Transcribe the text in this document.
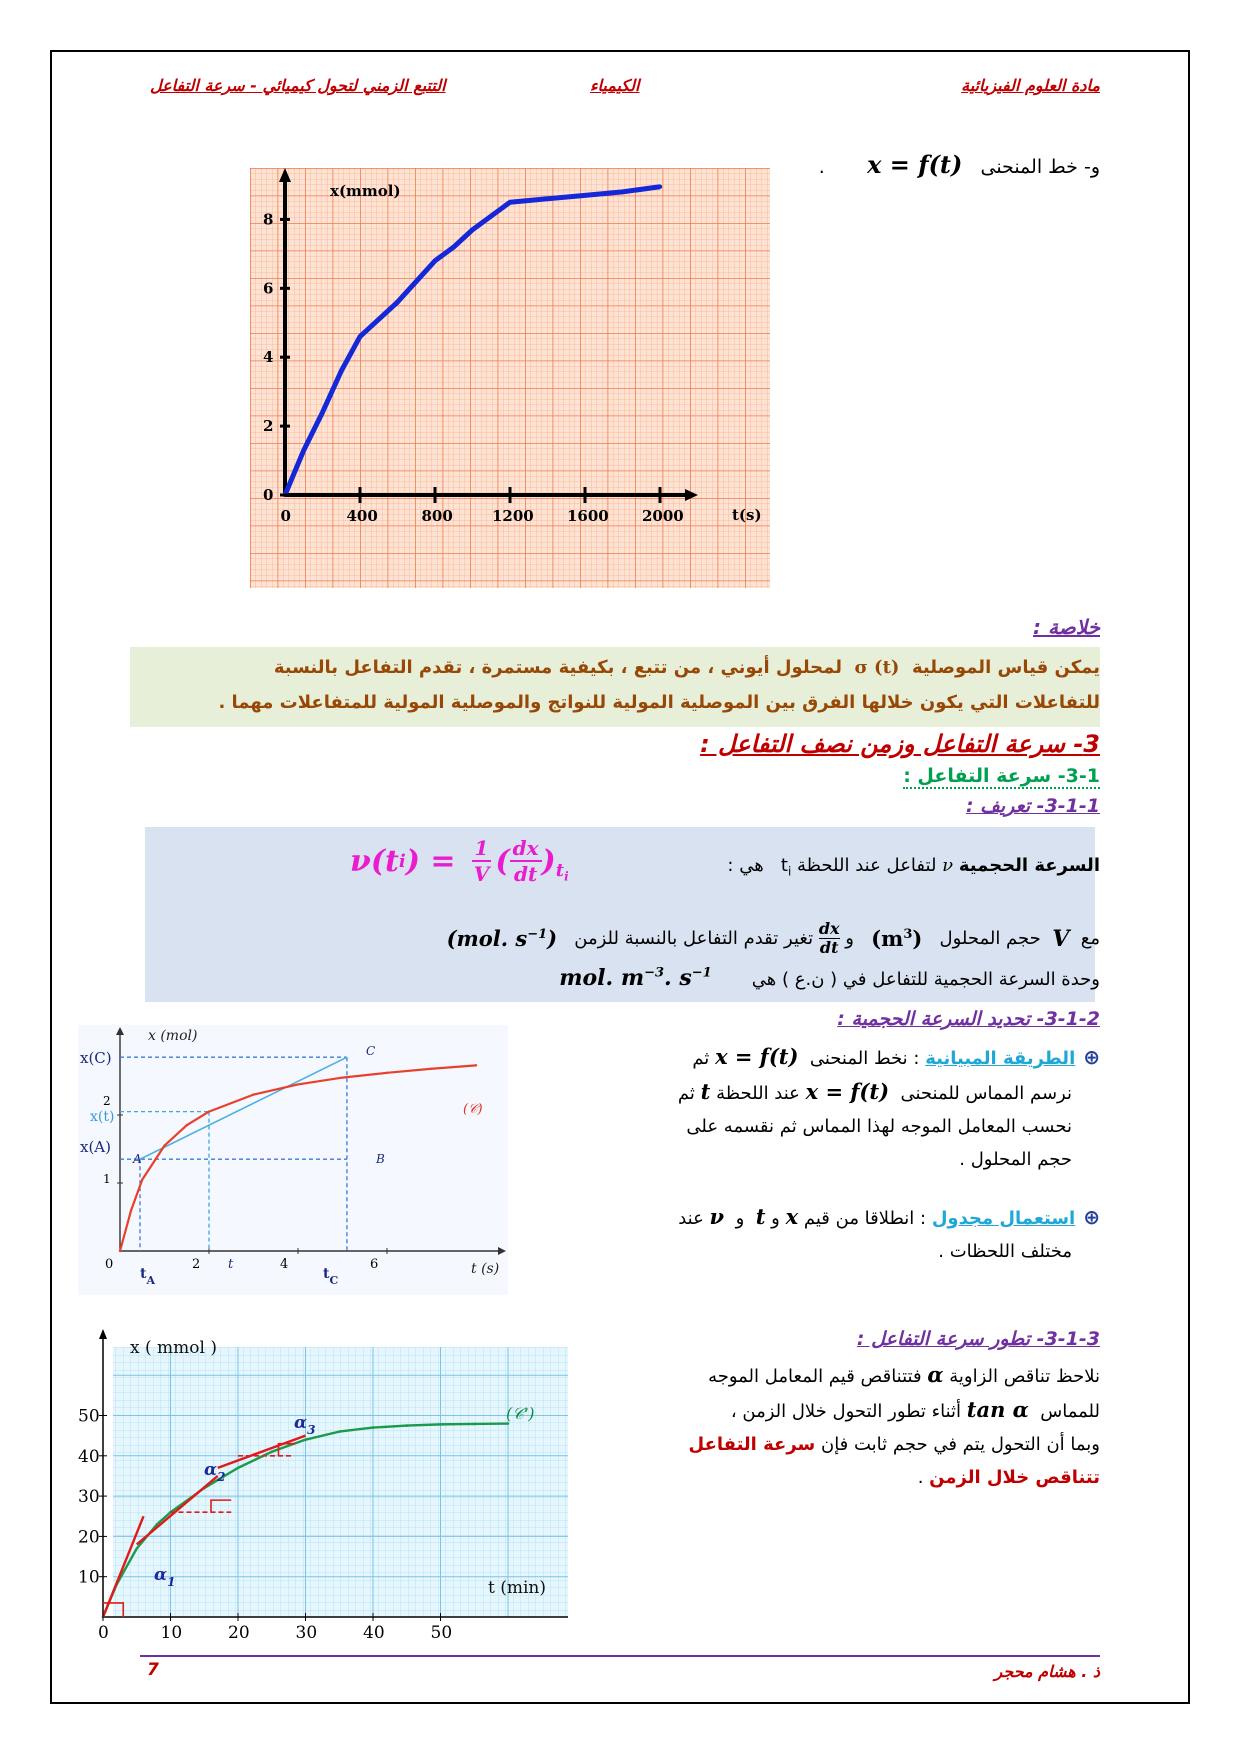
مادة العلوم الفيزيائية
الكيمياء
التتبع الزمني لتحول كيميائي - سرعة التفاعل
و- خط المنحنى   x = f(t)       .
x(mmol)
t(s)
0
2
4
6
8
0	400	800	1200 1600 2000
خلاصة :
يمكن قياس الموصلية  σ (t)  لمحلول أيوني ، من تتبع ، بكيفية مستمرة ، تقدم التفاعل بالنسبة
للتفاعلات التي يكون خلالها الفرق بين الموصلية المولية للنواتج والموصلية المولية للمتفاعلات مهما .
3- سرعة التفاعل وزمن نصف التفاعل :
3-1- سرعة التفاعل :
3-1-1- تعريف :
السرعة الحجمية ν لتفاعل عند اللحظة $t_i$   هي :
ν(t i ) = $\frac{1}{V}$ ( $\frac{dx}{dt}$ ) $_{t_i}$
مع

V

حجم المحلول

$(m^3)$

و

$\frac{dx}{dt}$

تغير تقدم التفاعل بالنسبة للزمن

(mol. $s^{-1}$)
وحدة السرعة الحجمية للتفاعل في ( ن.ع ) هي       mol. $m^{-3}$. $s^{-1}$
3-1-2- تحديد السرعة الحجمية :
⊕الطريقة المبيانية : نخط المنحنى  x = f(t) ثم
نرسم المماس للمنحنى  x = f(t) عند اللحظة t ثم
نحسب المعامل الموجه لهذا المماس ثم نقسمه على
حجم المحلول .
⊕استعمال مجدول : انطلاقا من قيم x و t  و  ν عند
مختلف اللحظات .
x (mol)
t (s)
(𝒞)
x(C)
x(t)
x(A)
A	B
C
2
1
0	2	4	6
$t_A$
t
$t_C$
3-1-3- تطور سرعة التفاعل :
نلاحظ تناقص الزاوية α فتتناقص قيم المعامل الموجه
للمماس  tan α أثناء تطور التحول خلال الزمن ،
وبما أن التحول يتم في حجم ثابت فإن سرعة التفاعل
تتناقص خلال الزمن .
x ( mmol )
t (min)
(𝒞')
10
20
30
40
50
0	10	20	30	40	50
$\alpha_1$
$\alpha_2$
$\alpha_3$
7	ذ . هشام محجر
